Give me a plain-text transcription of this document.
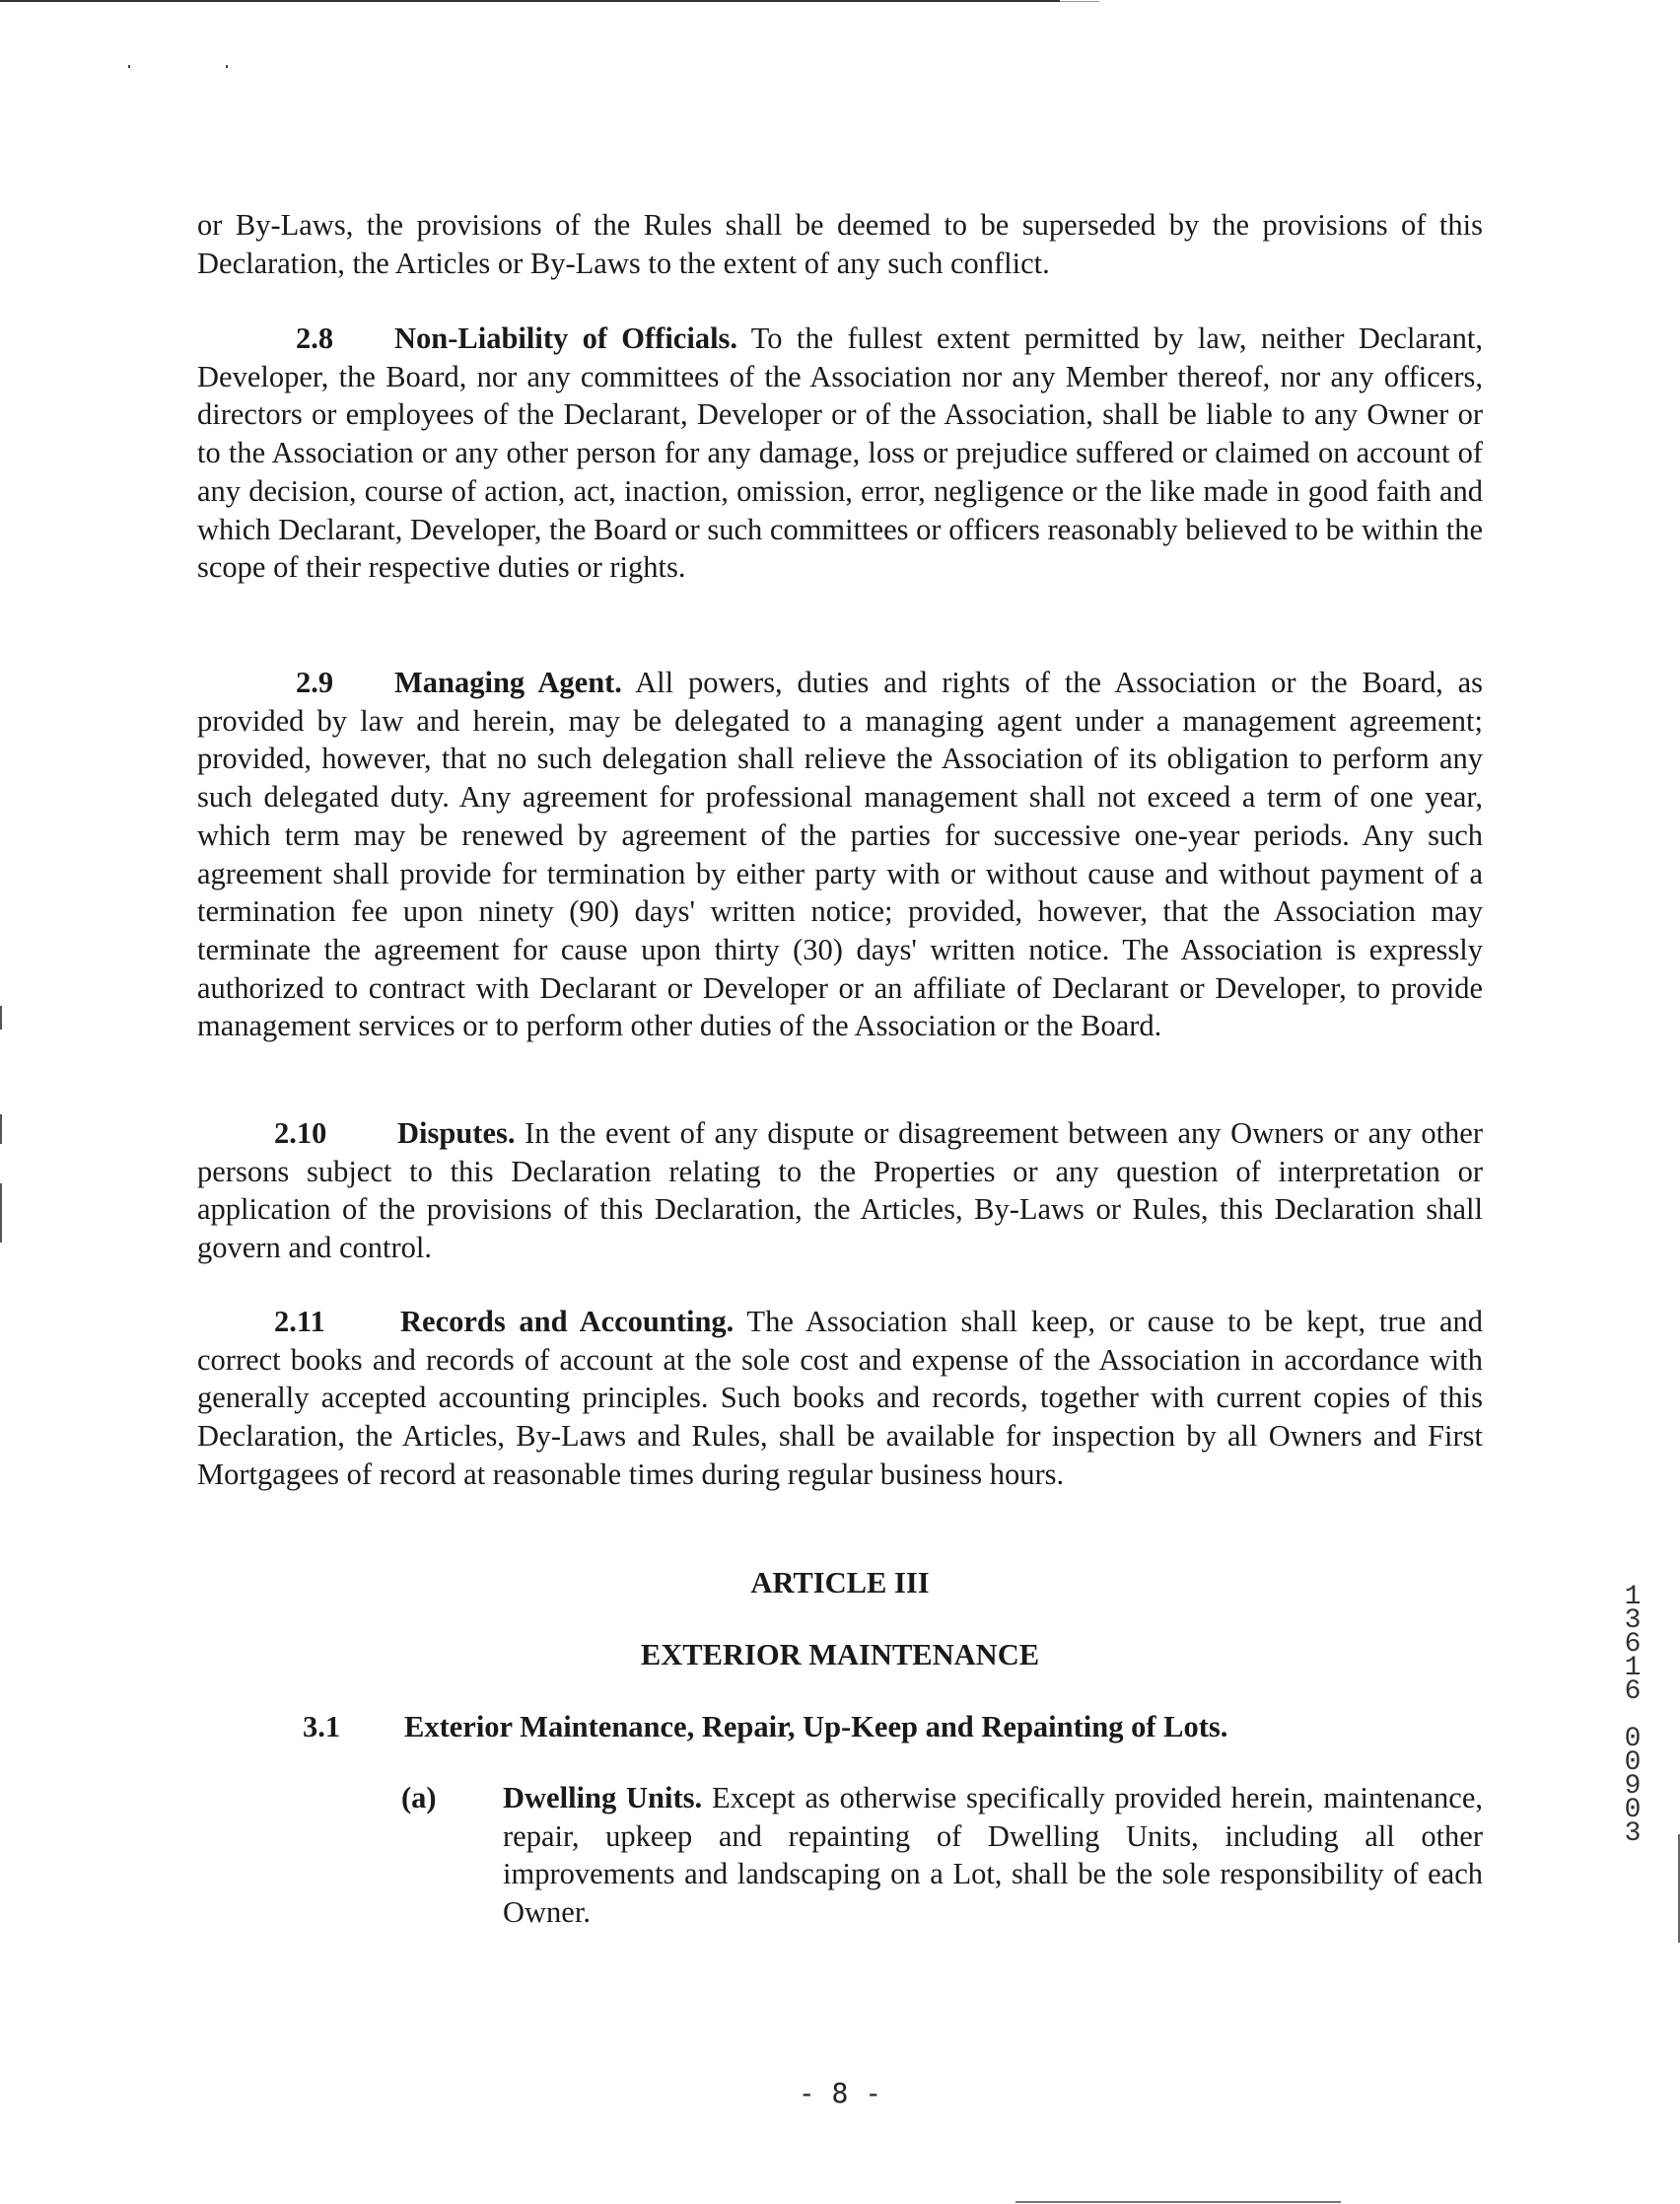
or By-Laws, the provisions of the Rules shall be deemed to be superseded by the provisions of this Declaration, the Articles or By-Laws to the extent of any such conflict.

2.8 Non-Liability of Officials. To the fullest extent permitted by law, neither Declarant, Developer, the Board, nor any committees of the Association nor any Member thereof, nor any officers, directors or employees of the Declarant, Developer or of the Association, shall be liable to any Owner or to the Association or any other person for any damage, loss or prejudice suffered or claimed on account of any decision, course of action, act, inaction, omission, error, negligence or the like made in good faith and which Declarant, Developer, the Board or such committees or officers reasonably believed to be within the scope of their respective duties or rights.

2.9 Managing Agent. All powers, duties and rights of the Association or the Board, as provided by law and herein, may be delegated to a managing agent under a management agreement; provided, however, that no such delegation shall relieve the Association of its obligation to perform any such delegated duty. Any agreement for professional management shall not exceed a term of one year, which term may be renewed by agreement of the parties for successive one-year periods. Any such agreement shall provide for termination by either party with or without cause and without payment of a termination fee upon ninety (90) days' written notice; provided, however, that the Association may terminate the agreement for cause upon thirty (30) days' written notice. The Association is expressly authorized to contract with Declarant or Developer or an affiliate of Declarant or Developer, to provide management services or to perform other duties of the Association or the Board.

2.10 Disputes. In the event of any dispute or disagreement between any Owners or any other persons subject to this Declaration relating to the Properties or any question of interpretation or application of the provisions of this Declaration, the Articles, By-Laws or Rules, this Declaration shall govern and control.

2.11	Records and Accounting. The Association shall keep, or cause to be kept, true and correct books and records of account at the sole cost and expense of the Association in accordance with generally accepted accounting principles. Such books and records, together with current copies of this Declaration, the Articles, By-Laws and Rules, shall be available for inspection by all Owners and First Mortgagees of record at reasonable times during regular business hours.

ARTICLE III
EXTERIOR MAINTENANCE
3.1 Exterior Maintenance, Repair, Up-Keep and Repainting of Lots.
(a) Dwelling Units. Except as otherwise specifically provided herein, maintenance, repair, upkeep and repainting of Dwelling Units, including all other improvements and landscaping on a Lot, shall be the sole responsibility of each Owner.

- 8 -
1
3
6
1
6
0
0
9
0
3
